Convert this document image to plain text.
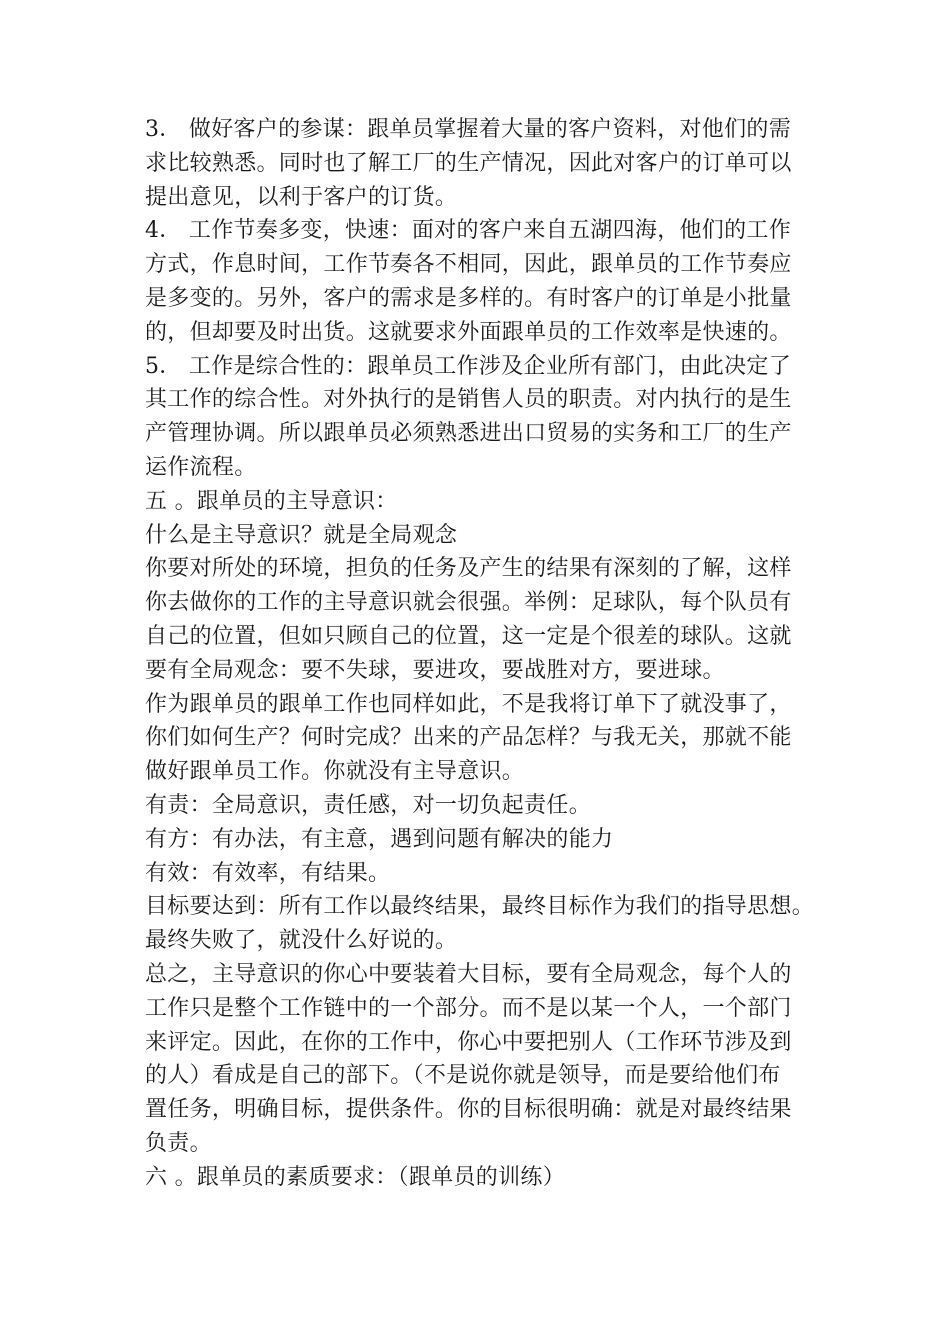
3． 做好客户的参谋：跟单员掌握着大量的客户资料，对他们的需
求比较熟悉。同时也了解工厂的生产情况，因此对客户的订单可以
提出意见，以利于客户的订货。
4． 工作节奏多变，快速：面对的客户来自五湖四海，他们的工作
方式，作息时间，工作节奏各不相同，因此，跟单员的工作节奏应
是多变的。另外，客户的需求是多样的。有时客户的订单是小批量
的，但却要及时出货。这就要求外面跟单员的工作效率是快速的。
5． 工作是综合性的：跟单员工作涉及企业所有部门，由此决定了
其工作的综合性。对外执行的是销售人员的职责。对内执行的是生
产管理协调。所以跟单员必须熟悉进出口贸易的实务和工厂的生产
运作流程。
五 。跟单员的主导意识：
什么是主导意识？就是全局观念
你要对所处的环境，担负的任务及产生的结果有深刻的了解，这样
你去做你的工作的主导意识就会很强。举例：足球队，每个队员有
自己的位置，但如只顾自己的位置，这一定是个很差的球队。这就
要有全局观念：要不失球，要进攻，要战胜对方，要进球。
作为跟单员的跟单工作也同样如此，不是我将订单下了就没事了，
你们如何生产？何时完成？出来的产品怎样？与我无关，那就不能
做好跟单员工作。你就没有主导意识。
有责：全局意识，责任感，对一切负起责任。
有方：有办法，有主意，遇到问题有解决的能力
有效：有效率，有结果。
目标要达到：所有工作以最终结果，最终目标作为我们的指导思想。
最终失败了，就没什么好说的。
总之，主导意识的你心中要装着大目标，要有全局观念，每个人的
工作只是整个工作链中的一个部分。而不是以某一个人，一个部门
来评定。因此，在你的工作中，你心中要把别人（工作环节涉及到
的人）看成是自己的部下。（不是说你就是领导，而是要给他们布
置任务，明确目标，提供条件。你的目标很明确：就是对最终结果
负责。
六 。跟单员的素质要求：（跟单员的训练）
